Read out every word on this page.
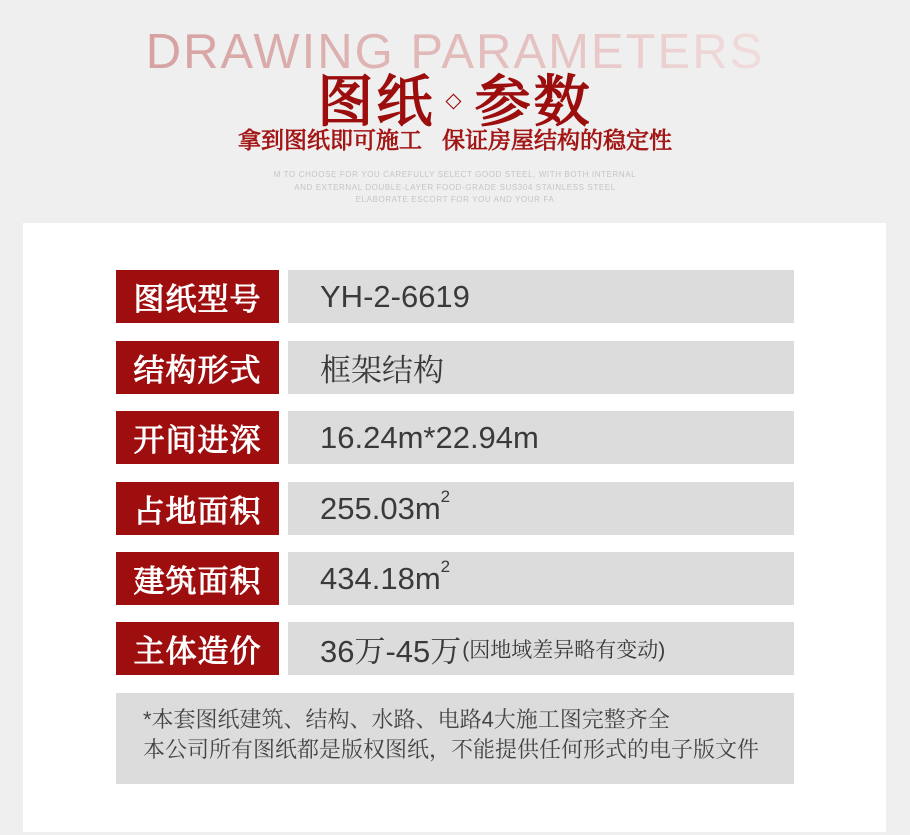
DRAWING PARAMETERS
图纸 ◇ 参数
拿到图纸即可施工 保证房屋结构的稳定性
M TO CHOOSE FOR YOU CAREFULLY SELECT GOOD STEEL, WITH BOTH INTERNAL
AND EXTERNAL DOUBLE-LAYER FOOD-GRADE SUS304 STAINLESS STEEL
ELABORATE ESCORT FOR YOU AND YOUR FA
图纸型号	YH-2-6619
结构形式	框架结构
开间进深	16.24m*22.94m
占地面积	255.03m 2
建筑面积	434.18m 2
主体造价	36万-45万 (因地域差异略有变动)
*本套图纸建筑、结构、水路、电路4大施工图完整齐全
本公司所有图纸都是版权图纸，不能提供任何形式的电子版文件
